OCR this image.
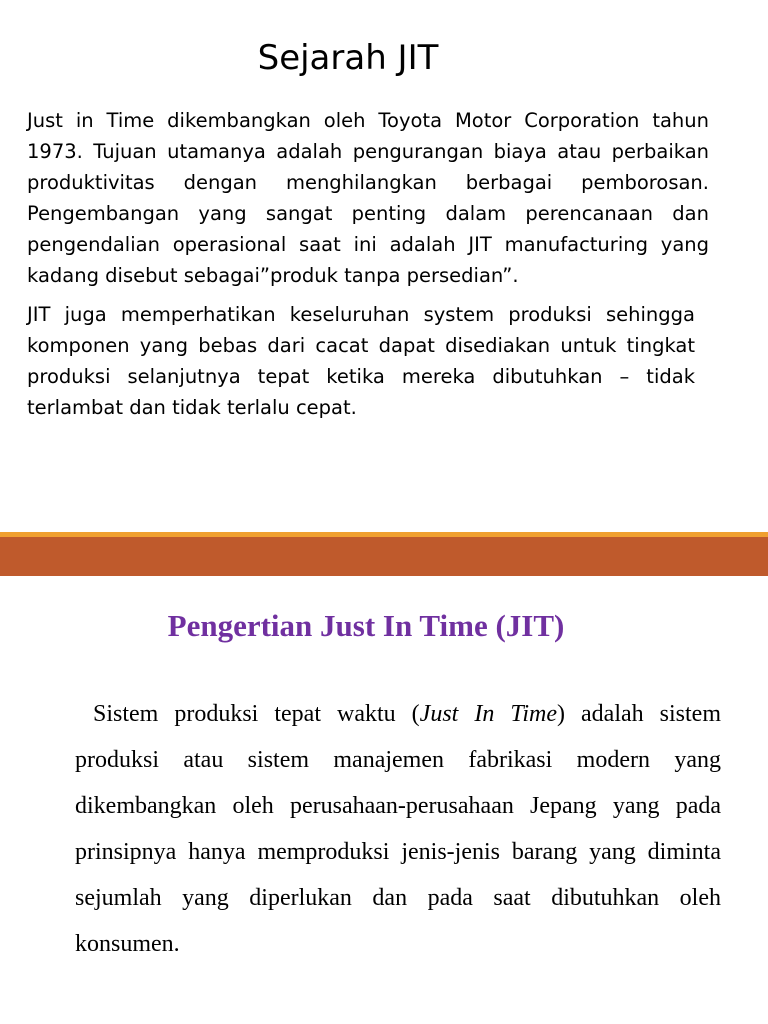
Sejarah JIT
Just in Time dikembangkan oleh Toyota Motor Corporation tahun 1973. Tujuan utamanya adalah pengurangan biaya atau perbaikan produktivitas dengan menghilangkan berbagai pemborosan. Pengembangan yang sangat penting dalam perencanaan dan pengendalian operasional saat ini adalah JIT manufacturing yang kadang disebut sebagai”produk tanpa persedian”.
JIT juga memperhatikan keseluruhan system produksi sehingga komponen yang bebas dari cacat dapat disediakan untuk tingkat produksi selanjutnya tepat ketika mereka dibutuhkan – tidak terlambat dan tidak terlalu cepat.
Pengertian Just In Time (JIT)
Sistem produksi tepat waktu (Just In Time) adalah sistem produksi atau sistem manajemen fabrikasi modern yang dikembangkan oleh perusahaan-perusahaan Jepang yang pada prinsipnya hanya memproduksi jenis-jenis barang yang diminta sejumlah yang diperlukan dan pada saat dibutuhkan oleh konsumen.
